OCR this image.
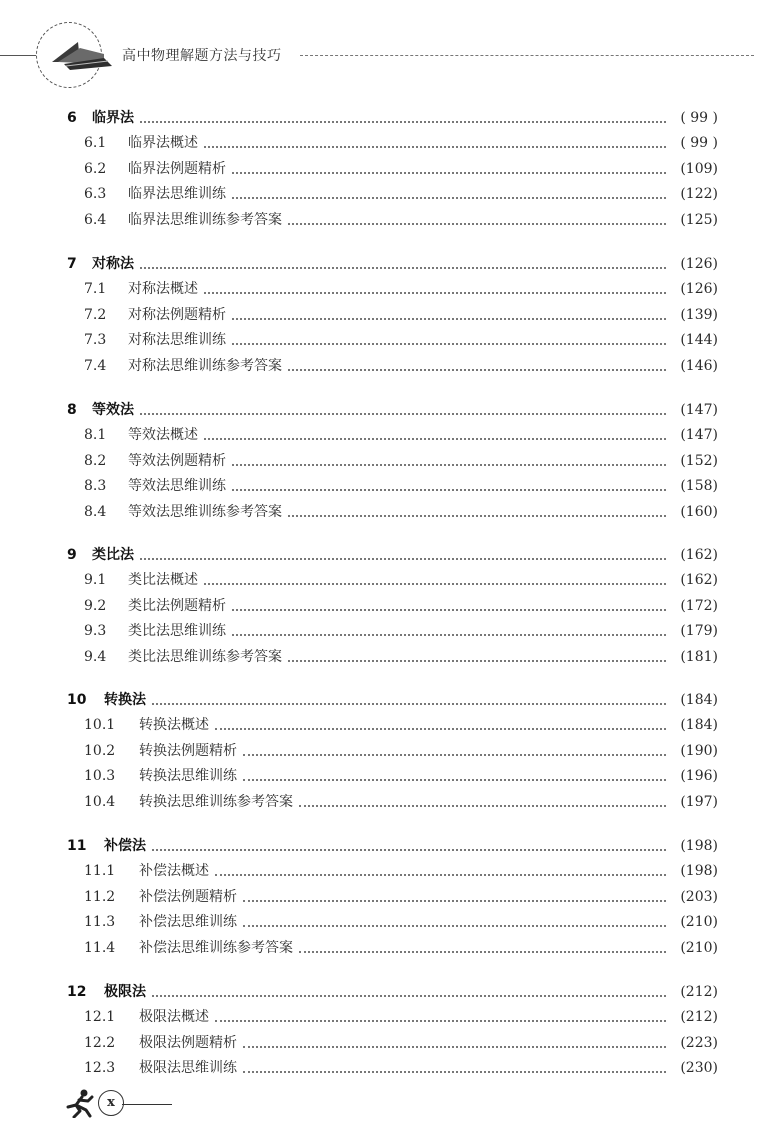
高中物理解题方法与技巧
6 临界法	( 99 )
6.1 临界法概述	( 99 )
6.2 临界法例题精析	(109)
6.3 临界法思维训练	(122)
6.4 临界法思维训练参考答案	(125)
7 对称法	(126)
7.1 对称法概述	(126)
7.2 对称法例题精析	(139)
7.3 对称法思维训练	(144)
7.4 对称法思维训练参考答案	(146)
8 等效法	(147)
8.1 等效法概述	(147)
8.2 等效法例题精析	(152)
8.3 等效法思维训练	(158)
8.4 等效法思维训练参考答案	(160)
9 类比法	(162)
9.1 类比法概述	(162)
9.2 类比法例题精析	(172)
9.3 类比法思维训练	(179)
9.4 类比法思维训练参考答案	(181)
10 转换法	(184)
10.1 转换法概述	(184)
10.2 转换法例题精析	(190)
10.3 转换法思维训练	(196)
10.4 转换法思维训练参考答案	(197)
11 补偿法	(198)
11.1 补偿法概述	(198)
11.2 补偿法例题精析	(203)
11.3 补偿法思维训练	(210)
11.4 补偿法思维训练参考答案	(210)
12 极限法	(212)
12.1 极限法概述	(212)
12.2 极限法例题精析	(223)
12.3 极限法思维训练	(230)
x
